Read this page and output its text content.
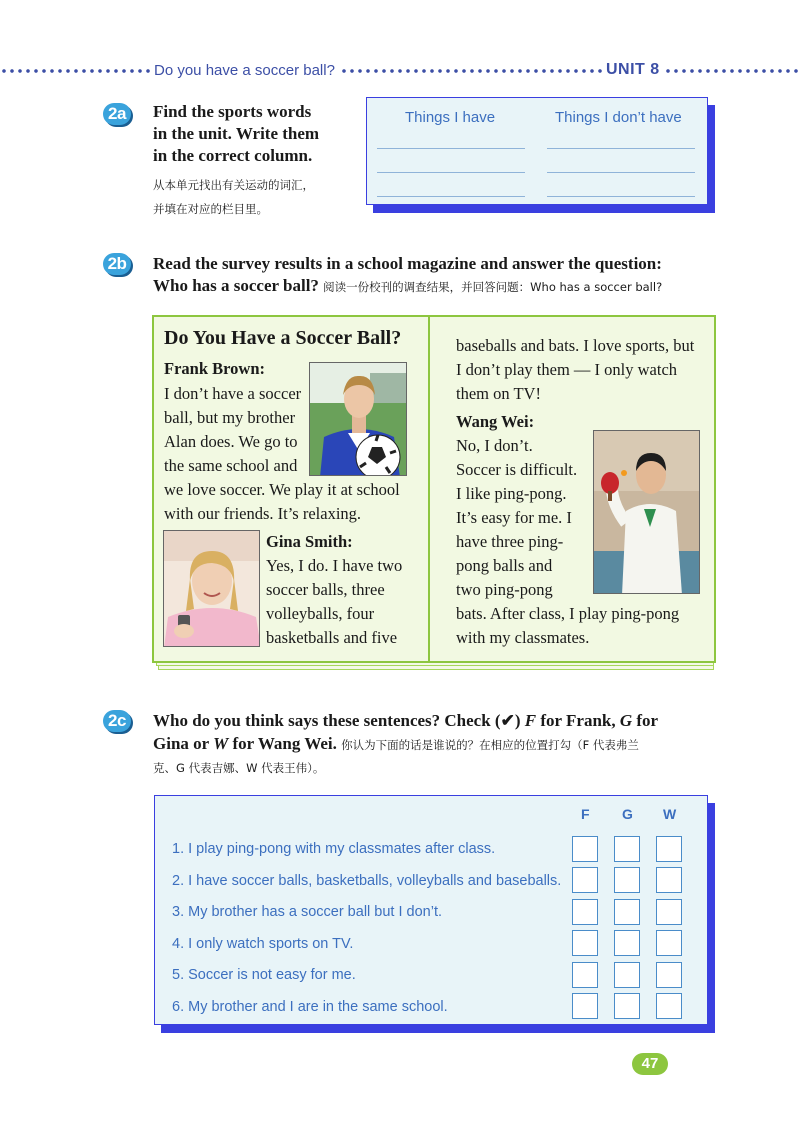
Do you have a soccer ball?	UNIT 8
2a Find the sports words
in the unit. Write them
in the correct column.
从本单元找出有关运动的词汇，
并填在对应的栏目里。
Things I have	Things I don’t have
2b Read the survey results in a school magazine and answer the question:
Who has a soccer ball? 阅读一份校刊的调查结果，并回答问题：Who has a soccer ball?
Do You Have a Soccer Ball?
Frank Brown:
I don’t have a soccer
ball, but my brother
Alan does. We go to
the same school and
we love soccer. We play it at school
with our friends. It’s relaxing.
Gina Smith:
Yes, I do. I have two
soccer balls, three
volleyballs, four
basketballs and five
baseballs and bats. I love sports, but
I don’t play them — I only watch
them on TV!
Wang Wei:
No, I don’t.
Soccer is difficult.
I like ping-pong.
It’s easy for me. I
have three ping-
pong balls and
two ping-pong
bats. After class, I play ping-pong
with my classmates.
2c Who do you think says these sentences? Check (✔) F for Frank, G for
Gina or W for Wang Wei. 你认为下面的话是谁说的？在相应的位置打勾（F 代表弗兰
克、G 代表吉娜、W 代表王伟）。
F G W
1. I play ping-pong with my classmates after class.
2. I have soccer balls, basketballs, volleyballs and baseballs.
3. My brother has a soccer ball but I don’t.
4. I only watch sports on TV.
5. Soccer is not easy for me.
6. My brother and I are in the same school.
47
